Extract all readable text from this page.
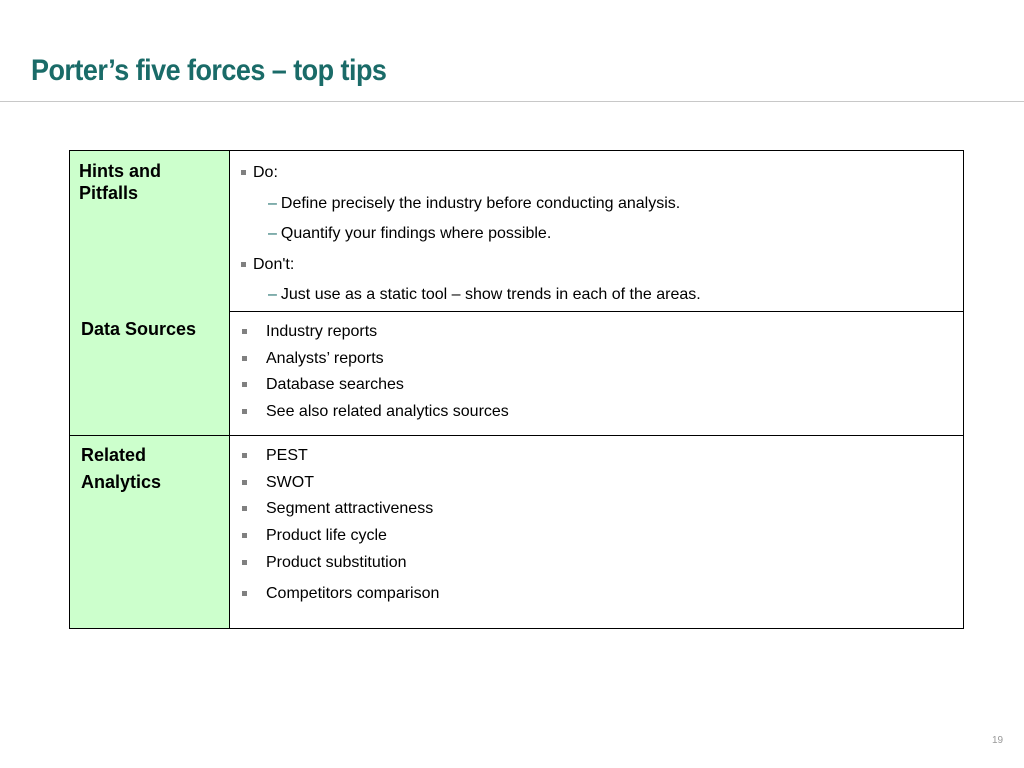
Porter’s five forces – top tips
Hints and
Pitfalls
Do:
– Define precisely the industry before conducting analysis.
– Quantify your findings where possible.
Don't:
– Just use as a static tool – show trends in each of the areas.
Data Sources	Industry reports
Analysts’ reports
Database searches
See also related analytics sources
Related
Analytics
PEST
SWOT
Segment attractiveness
Product life cycle
Product substitution
Competitors comparison
19
